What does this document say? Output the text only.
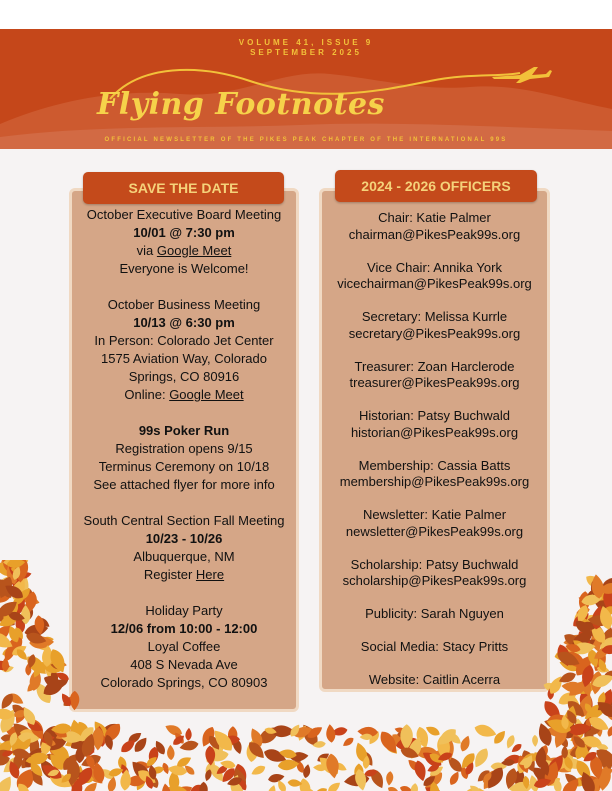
VOLUME 41, ISSUE 9
SEPTEMBER 2025
Flying Footnotes
OFFICIAL NEWSLETTER OF THE PIKES PEAK CHAPTER OF THE INTERNATIONAL 99S
SAVE THE DATE
October Executive Board Meeting
10/01 @ 7:30 pm
via Google Meet
Everyone is Welcome!
October Business Meeting
10/13 @ 6:30 pm
In Person: Colorado Jet Center
1575 Aviation Way, Colorado
Springs, CO 80916
Online: Google Meet
99s Poker Run
Registration opens 9/15
Terminus Ceremony on 10/18
See attached flyer for more info
South Central Section Fall Meeting
10/23 - 10/26
Albuquerque, NM
Register Here
Holiday Party
12/06 from 10:00 - 12:00
Loyal Coffee
408 S Nevada Ave
Colorado Springs, CO 80903
2024 - 2026 OFFICERS
Chair: Katie Palmer
chairman@PikesPeak99s.org
Vice Chair: Annika York
vicechairman@PikesPeak99s.org
Secretary: Melissa Kurrle
secretary@PikesPeak99s.org
Treasurer: Zoan Harclerode
treasurer@PikesPeak99s.org
Historian: Patsy Buchwald
historian@PikesPeak99s.org
Membership: Cassia Batts
membership@PikesPeak99s.org
Newsletter: Katie Palmer
newsletter@PikesPeak99s.org
Scholarship: Patsy Buchwald
scholarship@PikesPeak99s.org
Publicity: Sarah Nguyen
Social Media: Stacy Pritts
Website: Caitlin Acerra
